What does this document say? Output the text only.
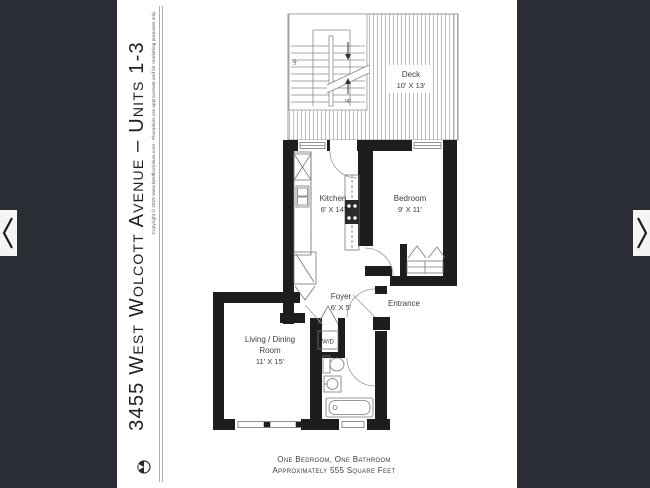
3455 West Wolcott Avenue – Units 1-3 Copyright © 2015 www.bestfloorplans.com - Floorplans are approximate and for marketing purposes only	up
up
Deck
10' X 13'
Kitchen
6' X 14'
Bedroom
9' X 11'
Foyer
6' X 5'	Entrance
Living / Dining
Room
11' X 15'
W/D
One Bedroom, One Bathroom
Approximately 555 Square Feet
